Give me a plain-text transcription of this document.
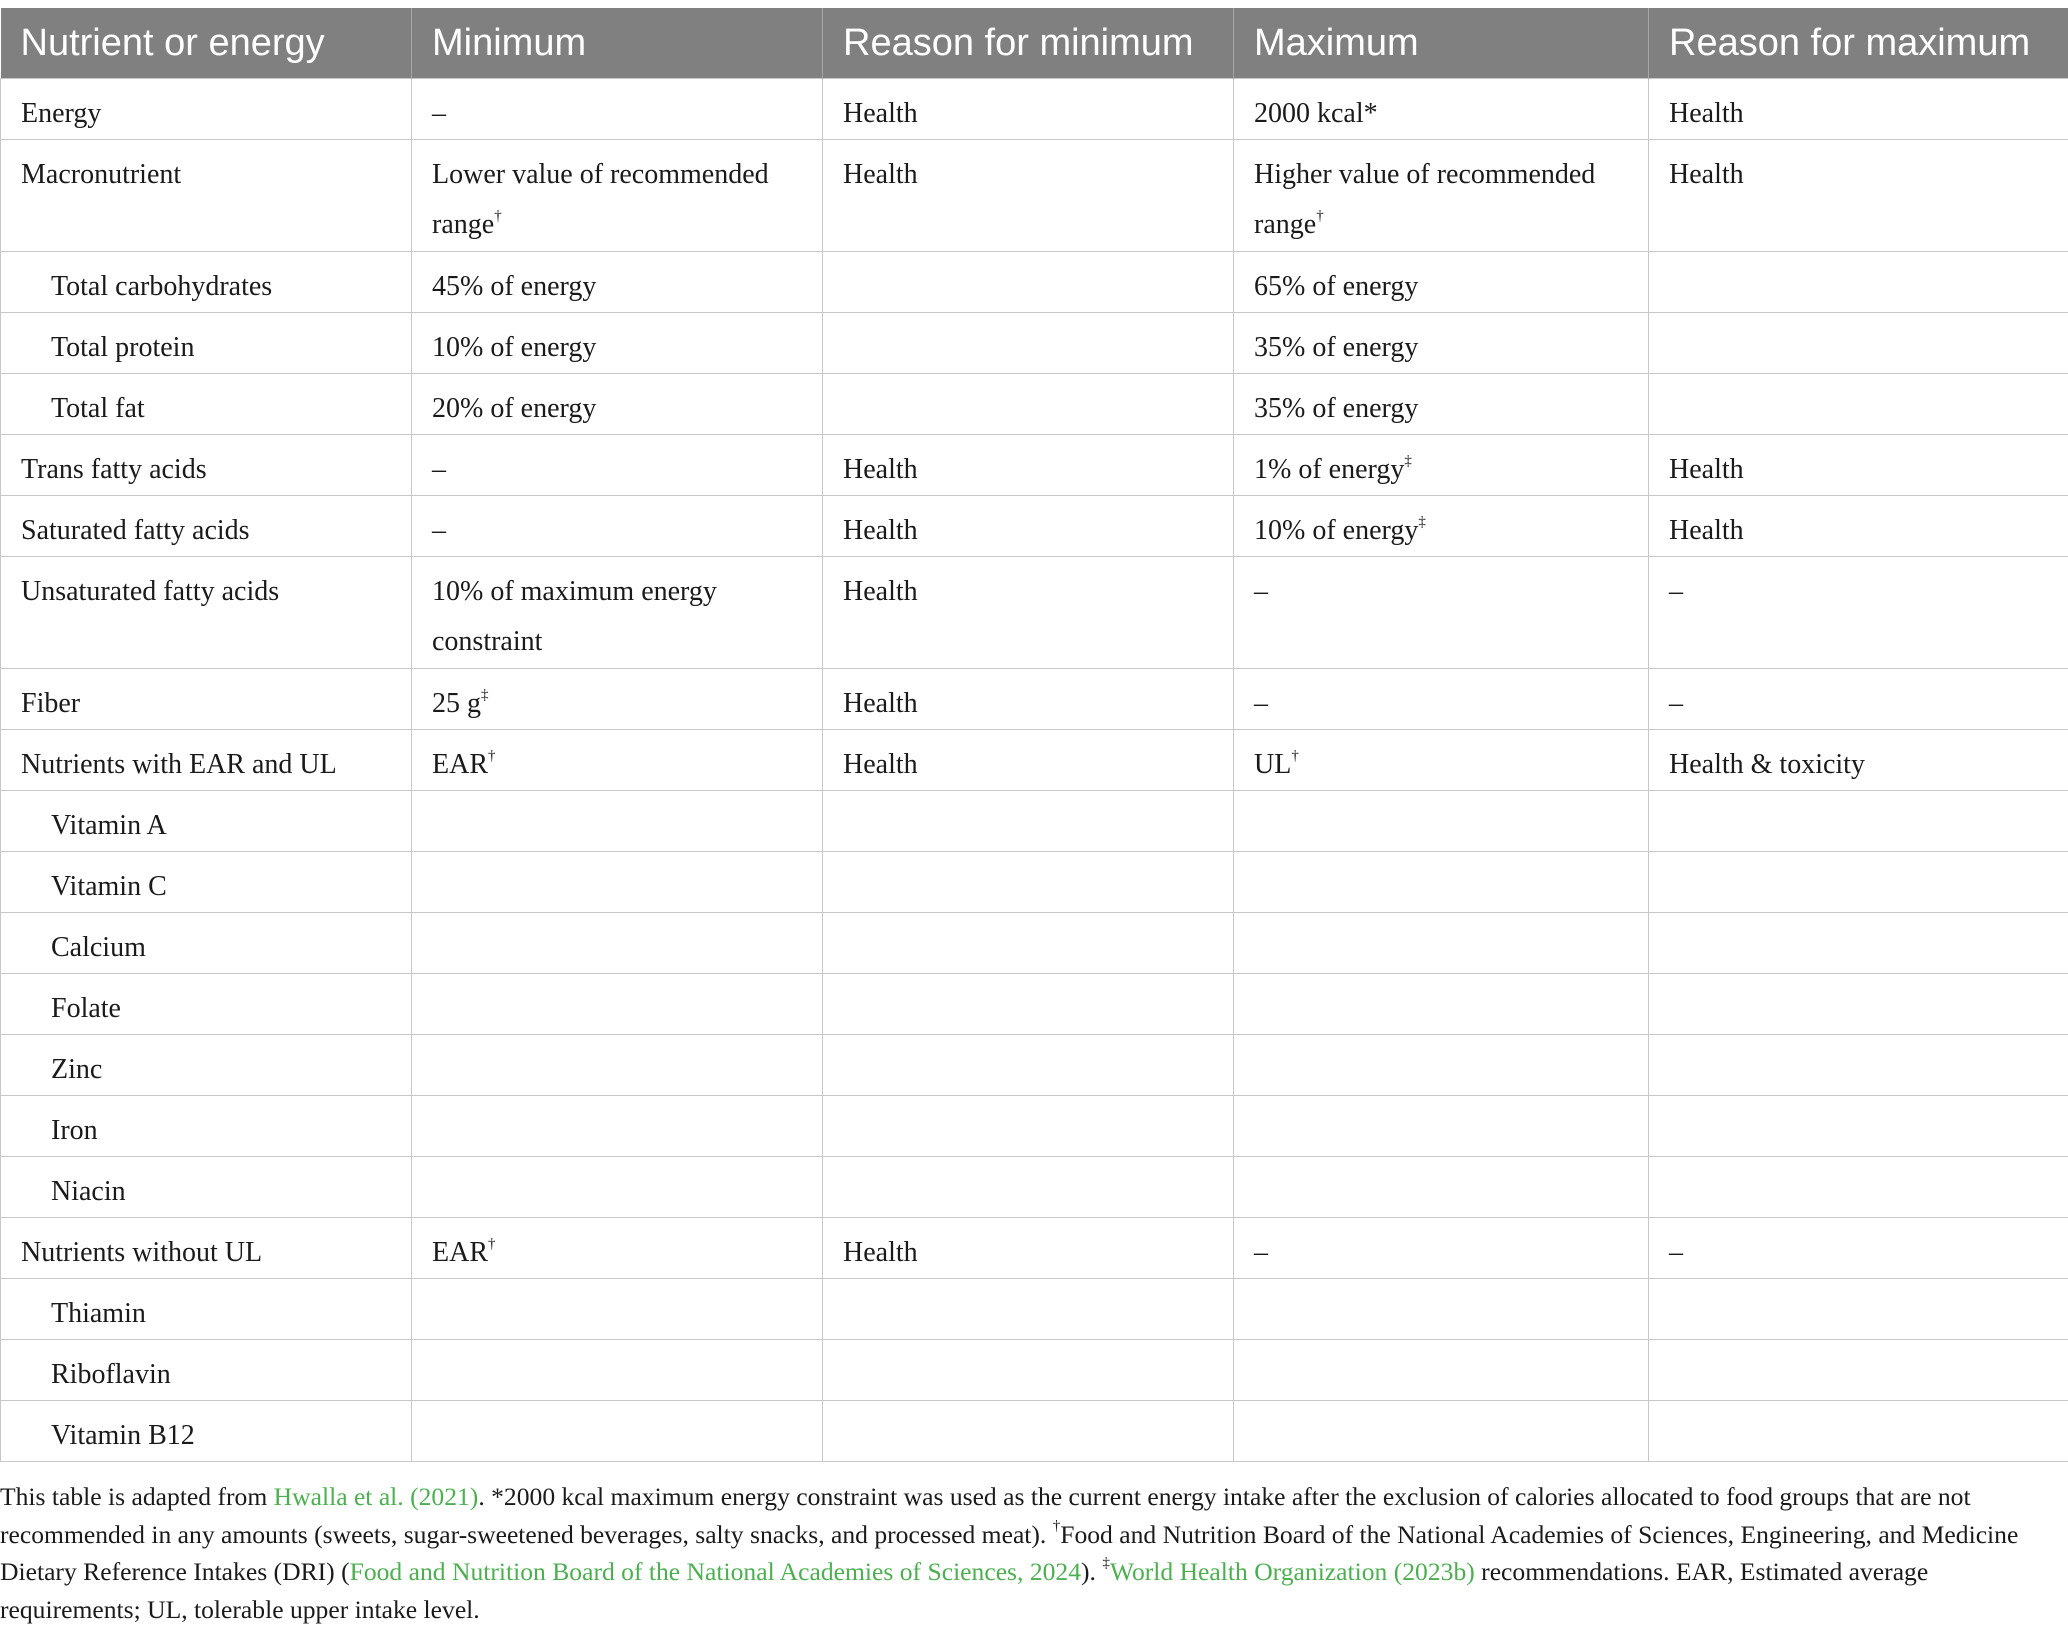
Nutrient or energy	Minimum	Reason for minimum	Maximum	Reason for maximum
Energy	–	Health	2000 kcal*	Health
Macronutrient	Lower value of recommended range†	Health	Higher value of recommended range†	Health
Total carbohydrates	45% of energy		65% of energy	
Total protein	10% of energy		35% of energy	
Total fat	20% of energy		35% of energy	
Trans fatty acids	–	Health	1% of energy‡	Health
Saturated fatty acids	–	Health	10% of energy‡	Health
Unsaturated fatty acids	10% of maximum energy constraint	Health	–	–
Fiber	25 g‡	Health	–	–
Nutrients with EAR and UL	EAR†	Health	UL†	Health & toxicity
Vitamin A				
Vitamin C				
Calcium				
Folate				
Zinc				
Iron				
Niacin				
Nutrients without UL	EAR†	Health	–	–
Thiamin				
Riboflavin				
Vitamin B12				
This table is adapted from Hwalla et al. (2021). *2000 kcal maximum energy constraint was used as the current energy intake after the exclusion of calories allocated to food groups that are not recommended in any amounts (sweets, sugar-sweetened beverages, salty snacks, and processed meat). †Food and Nutrition Board of the National Academies of Sciences, Engineering, and Medicine Dietary Reference Intakes (DRI) (Food and Nutrition Board of the National Academies of Sciences, 2024). ‡World Health Organization (2023b) recommendations. EAR, Estimated average requirements; UL, tolerable upper intake level.
